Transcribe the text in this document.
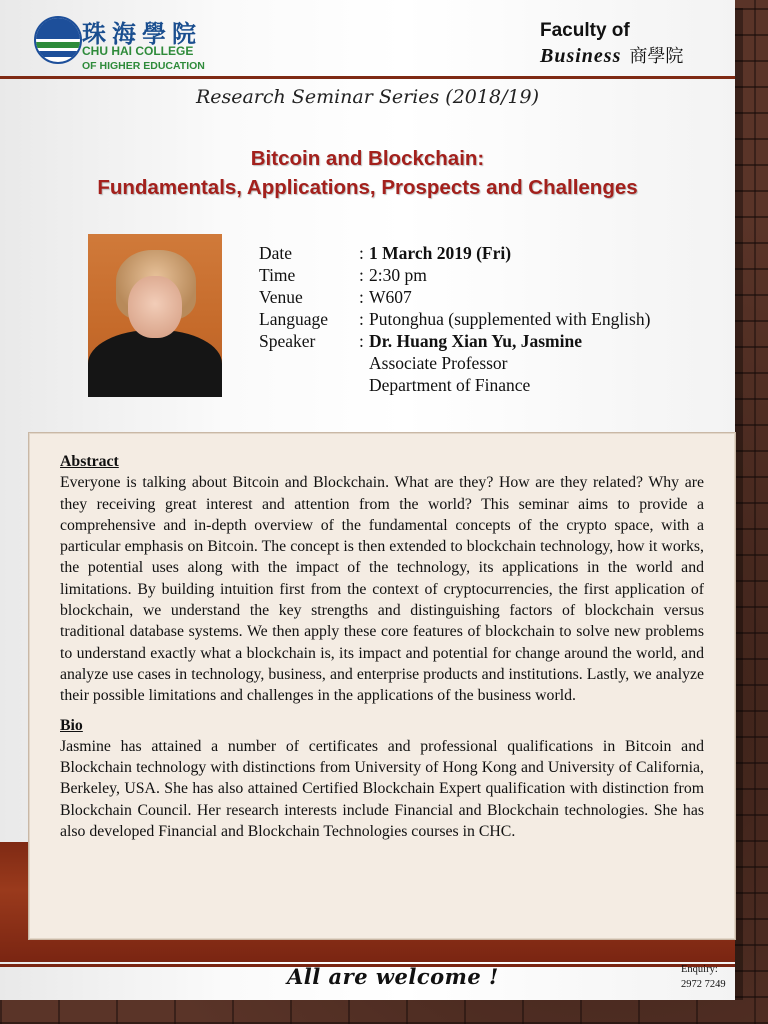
珠海學院
CHU HAI COLLEGE
OF HIGHER EDUCATION
Faculty of
Business 商學院
Research Seminar Series (2018/19)
Bitcoin and Blockchain:
Fundamentals, Applications, Prospects and Challenges
Date	: 1 March 2019 (Fri)
Time	: 2:30 pm
Venue	: W607
Language	: Putonghua (supplemented with English)
Speaker	: Dr. Huang Xian Yu, Jasmine
Associate Professor
Department of Finance

Abstract

Everyone is talking about Bitcoin and Blockchain. What are they? How are they related? Why are they receiving great interest and attention from the world? This seminar aims to provide a comprehensive and in-depth overview of the fundamental concepts of the crypto space, with a particular emphasis on Bitcoin. The concept is then extended to blockchain technology, how it works, the potential uses along with the impact of the technology, its applications in the world and limitations. By building intuition first from the context of cryptocurrencies, the first application of blockchain, we understand the key strengths and distinguishing factors of blockchain versus traditional database systems. We then apply these core features of blockchain to solve new problems to understand exactly what a blockchain is, its impact and potential for change around the world, and analyze use cases in technology, business, and enterprise products and institutions. Lastly, we analyze their possible limitations and challenges in the applications of the business world.

Bio

Jasmine has attained a number of certificates and professional qualifications in Bitcoin and Blockchain technology with distinctions from University of Hong Kong and University of California, Berkeley, USA. She has also attained Certified Blockchain Expert qualification with distinction from Blockchain Council. Her research interests include Financial and Blockchain technologies. She has also developed Financial and Blockchain Technologies courses in CHC.

All are welcome !	Enquiry:
2972 7249
